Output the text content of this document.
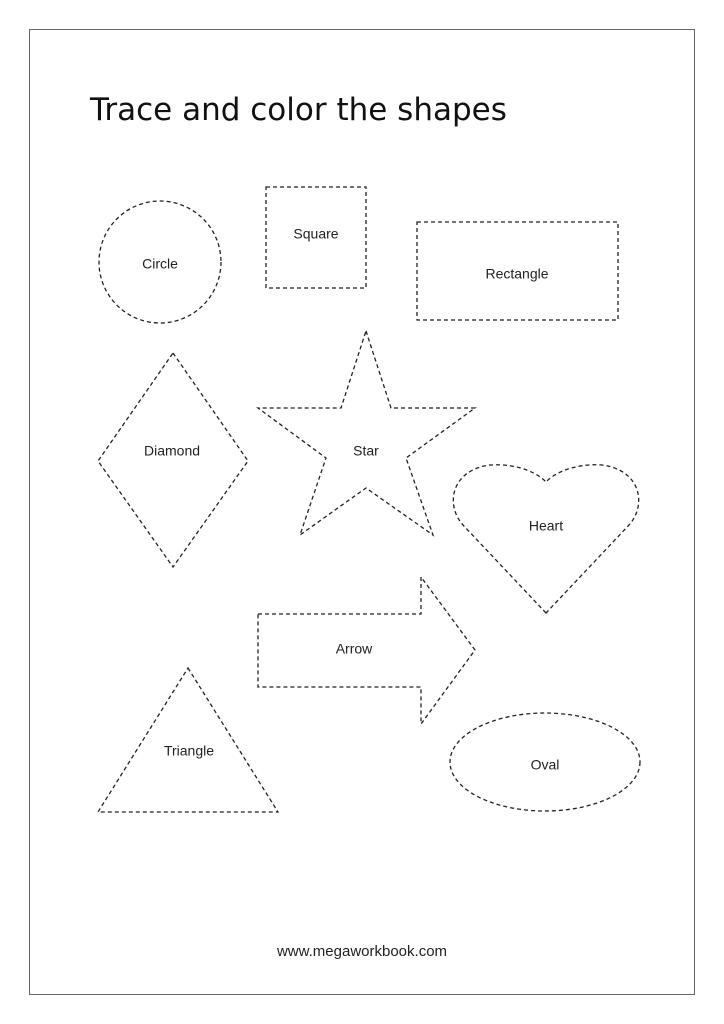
Trace and color the shapes
Circle
Square
Rectangle
Diamond	Star
Heart
Arrow
Triangle
Oval
www.megaworkbook.com
